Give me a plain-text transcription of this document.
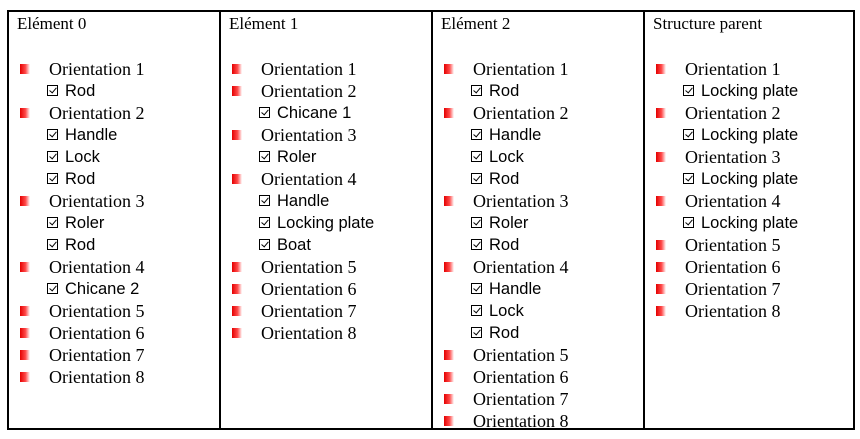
Elément 0
Orientation 1
Rod
Orientation 2
Handle
Lock
Rod
Orientation 3
Roler
Rod
Orientation 4
Chicane 2
Orientation 5
Orientation 6
Orientation 7
Orientation 8

Elément 1
Orientation 1
Orientation 2
Chicane 1
Orientation 3
Roler
Orientation 4
Handle
Locking plate
Boat
Orientation 5
Orientation 6
Orientation 7
Orientation 8

Elément 2
Orientation 1
Rod
Orientation 2
Handle
Lock
Rod
Orientation 3
Roler
Rod
Orientation 4
Handle
Lock
Rod
Orientation 5
Orientation 6
Orientation 7
Orientation 8

Structure parent
Orientation 1
Locking plate
Orientation 2
Locking plate
Orientation 3
Locking plate
Orientation 4
Locking plate
Orientation 5
Orientation 6
Orientation 7
Orientation 8
